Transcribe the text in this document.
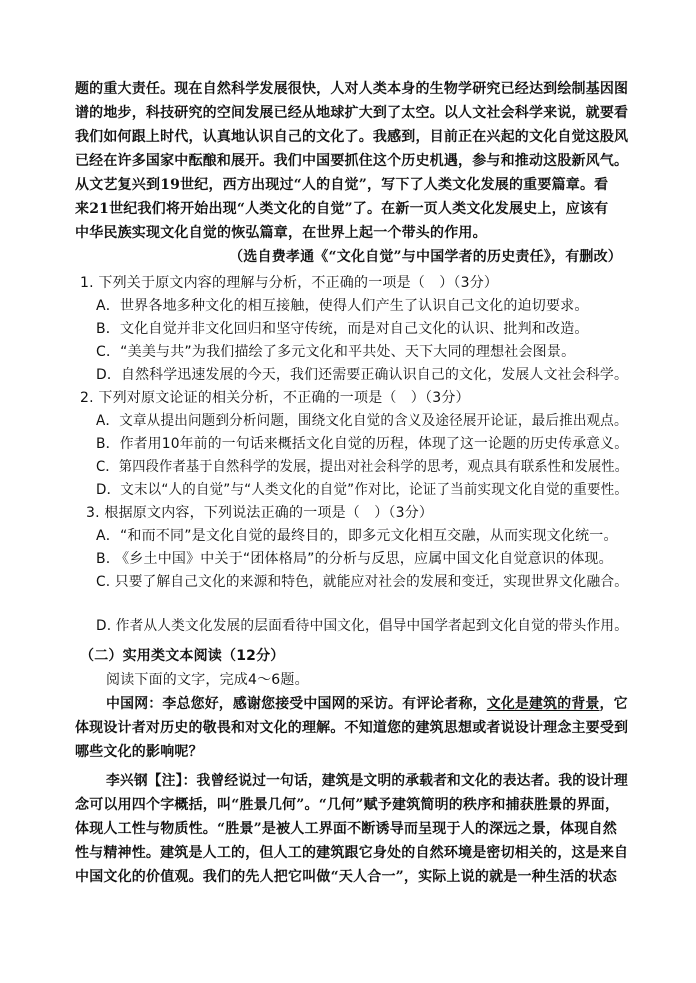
题的重大责任。现在自然科学发展很快，人对人类本身的生物学研究已经达到绘制基因图
谱的地步，科技研究的空间发展已经从地球扩大到了太空。以人文社会科学来说，就要看
我们如何跟上时代，认真地认识自己的文化了。我感到，目前正在兴起的文化自觉这股风
已经在许多国家中酝酿和展开。我们中国要抓住这个历史机遇，参与和推动这股新风气。
从文艺复兴到19世纪，西方出现过“人的自觉”，写下了人类文化发展的重要篇章。看
来21世纪我们将开始出现“人类文化的自觉”了。在新一页人类文化发展史上，应该有
中华民族实现文化自觉的恢弘篇章，在世界上起一个带头的作用。
（选自费孝通《“文化自觉”与中国学者的历史责任》，有删改）
1. 下列关于原文内容的理解与分析，不正确的一项是（　）（3分）
A．世界各地多种文化的相互接触，使得人们产生了认识自己文化的迫切要求。
B．文化自觉并非文化回归和坚守传统，而是对自己文化的认识、批判和改造。
C．“美美与共”为我们描绘了多元文化和平共处、天下大同的理想社会图景。
D．自然科学迅速发展的今天，我们还需要正确认识自己的文化，发展人文社会科学。
2. 下列对原文论证的相关分析，不正确的一项是（　）（3分）
A．文章从提出问题到分析问题，围绕文化自觉的含义及途径展开论证，最后推出观点。
B．作者用10年前的一句话来概括文化自觉的历程，体现了这一论题的历史传承意义。
C．第四段作者基于自然科学的发展，提出对社会科学的思考，观点具有联系性和发展性。
D．文末以“人的自觉”与“人类文化的自觉”作对比，论证了当前实现文化自觉的重要性。
3. 根据原文内容，下列说法正确的一项是（　）（3分）
A．“和而不同”是文化自觉的最终目的，即多元文化相互交融，从而实现文化统一。
B. 《乡土中国》中关于“团体格局”的分析与反思，应属中国文化自觉意识的体现。
C. 只要了解自己文化的来源和特色，就能应对社会的发展和变迁，实现世界文化融合。
D. 作者从人类文化发展的层面看待中国文化，倡导中国学者起到文化自觉的带头作用。
（二）实用类文本阅读（12分）
阅读下面的文字，完成4～6题。
中国网：李总您好，感谢您接受中国网的采访。有评论者称，文化是建筑的背景，它
体现设计者对历史的敬畏和对文化的理解。不知道您的建筑思想或者说设计理念主要受到
哪些文化的影响呢？
李兴钢【注】：我曾经说过一句话，建筑是文明的承载者和文化的表达者。我的设计理
念可以用四个字概括，叫“胜景几何”。“几何”赋予建筑简明的秩序和捕获胜景的界面，
体现人工性与物质性。“胜景”是被人工界面不断诱导而呈现于人的深远之景，体现自然
性与精神性。建筑是人工的，但人工的建筑跟它身处的自然环境是密切相关的，这是来自
中国文化的价值观。我们的先人把它叫做“天人合一”，实际上说的就是一种生活的状态
